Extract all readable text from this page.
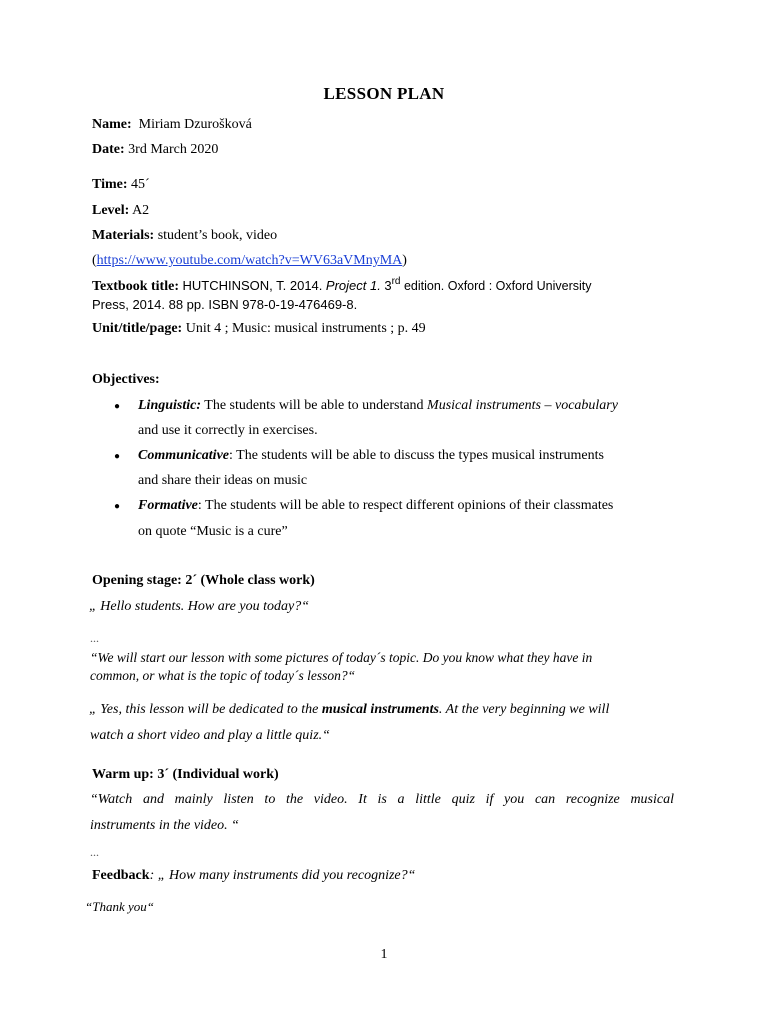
LESSON PLAN
Name: Miriam Dzurošková
Date: 3rd March 2020
Time: 45´
Level: A2
Materials: student’s book, video
(https://www.youtube.com/watch?v=WV63aVMnyMA)
Textbook title: HUTCHINSON, T. 2014. Project 1. 3rd edition. Oxford : Oxford University
Press, 2014. 88 pp. ISBN 978-0-19-476469-8.
Unit/title/page: Unit 4 ; Music: musical instruments ; p. 49
Objectives:
● Linguistic: The students will be able to understand Musical instruments – vocabulary
and use it correctly in exercises.
● Communicative: The students will be able to discuss the types musical instruments
and share their ideas on music
● Formative: The students will be able to respect different opinions of their classmates
on quote “Music is a cure”
Opening stage: 2´ (Whole class work)
„ Hello students. How are you today?“
...
“We will start our lesson with some pictures of today´s topic. Do you know what they have in
common, or what is the topic of today´s lesson?“
„ Yes, this lesson will be dedicated to the musical instruments. At the very beginning we will
watch a short video and play a little quiz.“
Warm up: 3´ (Individual work)
“Watch and mainly listen to the video. It is a little quiz if you can recognize musical
instruments in the video. “
...
Feedback: „ How many instruments did you recognize?“
“Thank you“
1
